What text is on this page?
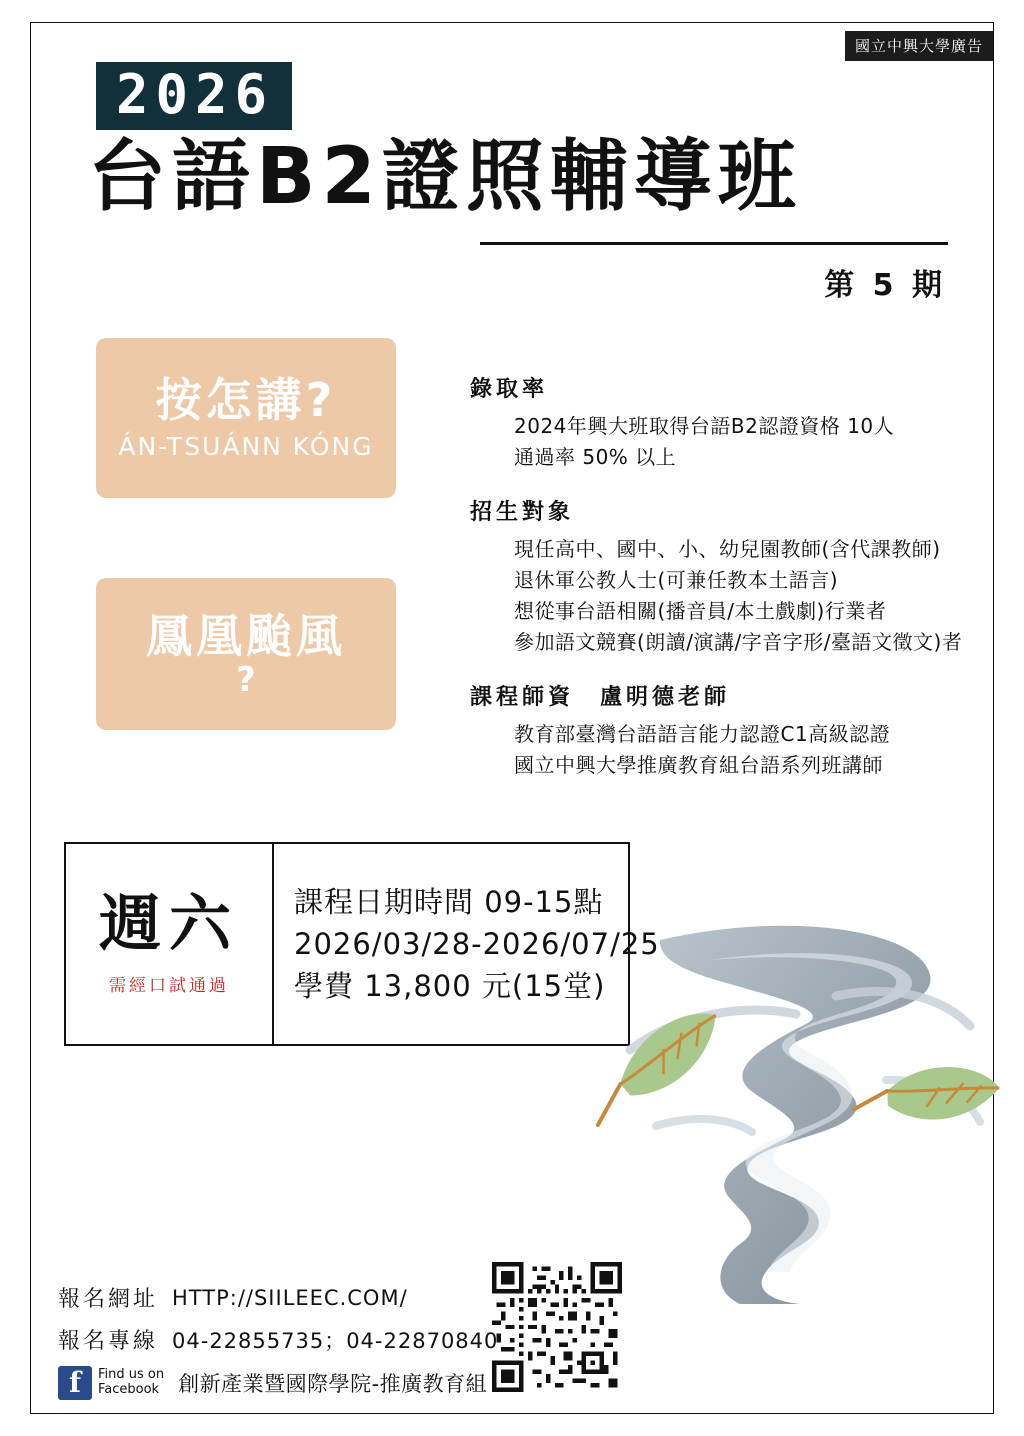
國立中興大學廣告
2026
台語B2證照輔導班
第 5 期
按怎講?
ÁN-TSUÁNN KÓNG
鳳凰颱風
?
錄取率
2024年興大班取得台語B2認證資格 10人
通過率 50% 以上
招生對象
現任高中、國中、小、幼兒園教師(含代課教師)
退休軍公教人士(可兼任教本土語言)
想從事台語相關(播音員/本土戲劇)行業者
參加語文競賽(朗讀/演講/字音字形/臺語文徵文)者
課程師資 盧明德老師
教育部臺灣台語語言能力認證C1高級認證
國立中興大學推廣教育組台語系列班講師
週六
需經口試通過
課程日期時間 09-15點
2026/03/28-2026/07/25
學費 13,800 元(15堂)
報名網址 HTTP://SIILEEC.COM/
報名專線 04-22855735；04-22870840
f	Find us on
Facebook 創新產業暨國際學院-推廣教育組
